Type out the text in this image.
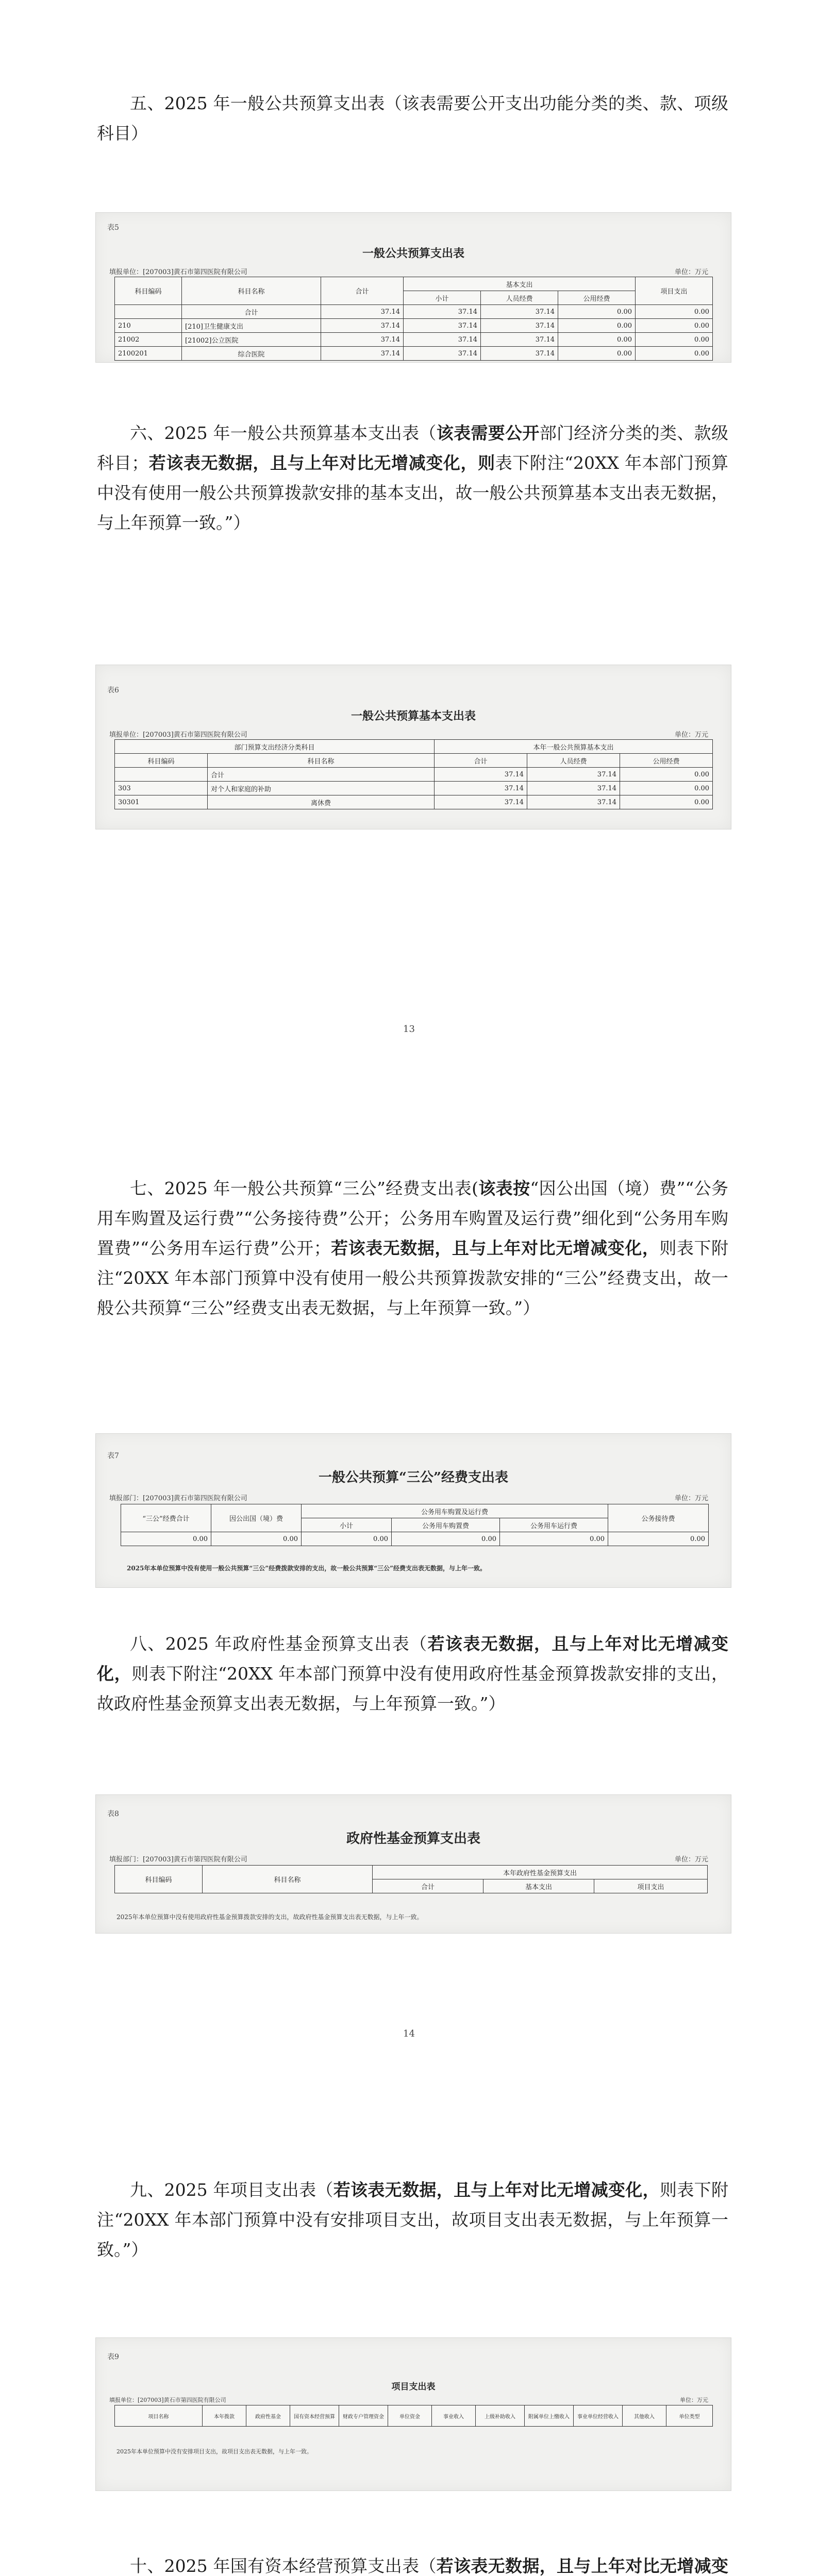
五、2025 年一般公共预算支出表（该表需要公开支出功能分类的类、款、项级科目）

表5
一般公共预算支出表
填报单位：[207003]黄石市第四医院有限公司	单位：万元
科目编码	科目名称	合计	基本支出			项目支出
			小计	人员经费	公用经费	
	合计	37.14	37.14	37.14	0.00	0.00
210	[210]卫生健康支出	37.14	37.14	37.14	0.00	0.00
21002	[21002]公立医院	37.14	37.14	37.14	0.00	0.00
2100201	综合医院	37.14	37.14	37.14	0.00	0.00

六、2025 年一般公共预算基本支出表（该表需要公开部门经济分类的类、款级科目；若该表无数据，且与上年对比无增减变化，则表下附注“20XX 年本部门预算中没有使用一般公共预算拨款安排的基本支出，故一般公共预算基本支出表无数据，与上年预算一致。”）

表6
一般公共预算基本支出表
填报单位：[207003]黄石市第四医院有限公司	单位：万元
部门预算支出经济分类科目		本年一般公共预算基本支出		
科目编码	科目名称	合计	人员经费	公用经费
	合计	37.14	37.14	0.00
303	对个人和家庭的补助	37.14	37.14	0.00
30301	离休费	37.14	37.14	0.00

13

七、2025 年一般公共预算“三公”经费支出表(该表按“因公出国（境）费”“公务用车购置及运行费”“公务接待费”公开；公务用车购置及运行费”细化到“公务用车购置费”“公务用车运行费”公开；若该表无数据，且与上年对比无增减变化，则表下附注“20XX 年本部门预算中没有使用一般公共预算拨款安排的“三公”经费支出，故一般公共预算“三公”经费支出表无数据，与上年预算一致。”）

表7
一般公共预算“三公”经费支出表
填报部门：[207003]黄石市第四医院有限公司	单位：万元
“三公”经费合计	因公出国（境）费	公务用车购置及运行费			公务接待费
		小计	公务用车购置费	公务用车运行费	
0.00	0.00	0.00	0.00	0.00	0.00
2025年本单位预算中没有使用一般公共预算“三公”经费拨款安排的支出，故一般公共预算“三公”经费支出表无数据，与上年一致。

八、2025 年政府性基金预算支出表（若该表无数据，且与上年对比无增减变化，则表下附注“20XX 年本部门预算中没有使用政府性基金预算拨款安排的支出，故政府性基金预算支出表无数据，与上年预算一致。”）

表8
政府性基金预算支出表
填报部门：[207003]黄石市第四医院有限公司	单位：万元
科目编码	科目名称	本年政府性基金预算支出		
		合计	基本支出	项目支出
2025年本单位预算中没有使用政府性基金预算拨款安排的支出，故政府性基金预算支出表无数据，与上年一致。

14

九、2025 年项目支出表（若该表无数据，且与上年对比无增减变化，则表下附注“20XX 年本部门预算中没有安排项目支出，故项目支出表无数据，与上年预算一致。”）

表9
项目支出表
填报单位：[207003]黄石市第四医院有限公司	单位：万元
项目名称	本年拨款	政府性基金	国有资本经营预算	财政专户管理资金	单位资金	事业收入	上级补助收入	附属单位上缴收入	事业单位经营收入	其他收入	单位类型
2025年本单位预算中没有安排项目支出，故项目支出表无数据，与上年一致。

十、2025 年国有资本经营预算支出表（若该表无数据，且与上年对比无增减变
